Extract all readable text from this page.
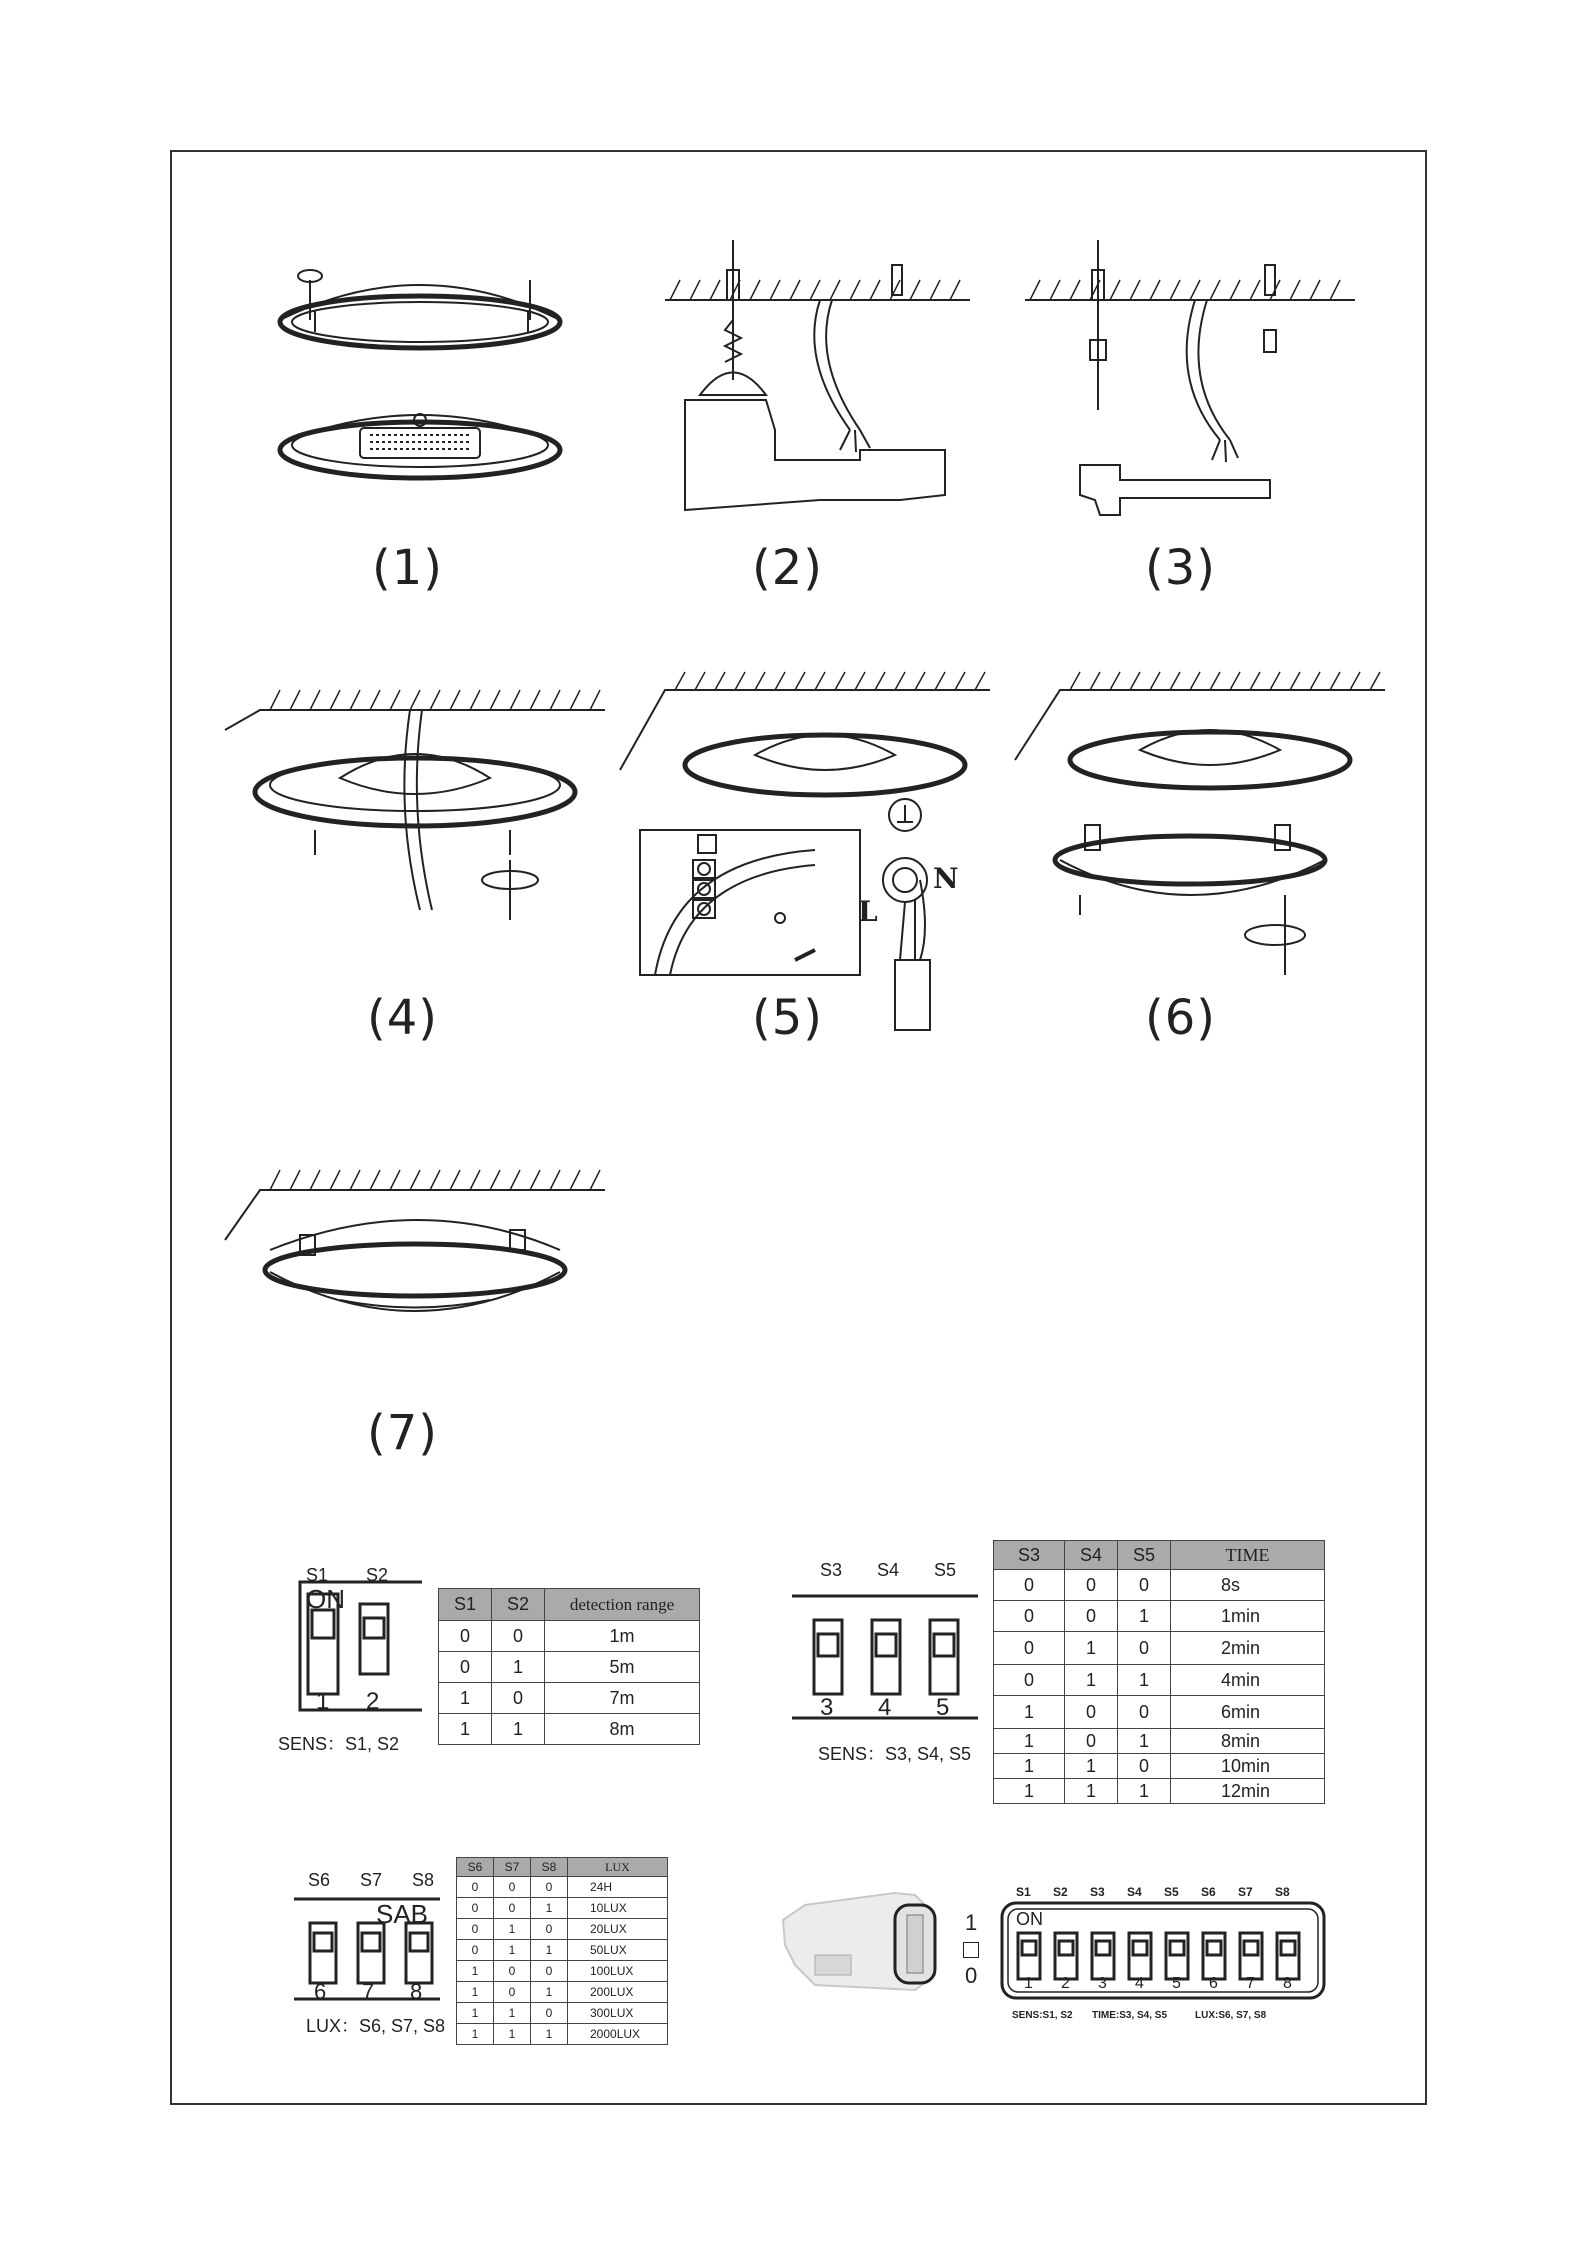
(1)	(2)	(3)
(4)
L
N
(5)	(6)
(7)
ON
1 2
S1 S2
SENS：S1, S2
S1	S2	detection range
0	0	1m
0	1	5m
1	0	7m
1	1	8m
S3 S4 S5
3 4 5
SENS：S3, S4, S5
S3	S4	S5	TIME
0	0	0	8s
0	0	1	1min
0	1	0	2min
0	1	1	4min
1	0	0	6min
1	0	1	8min
1	1	0	10min
1	1	1	12min
S6 S7 S8
SAB
6 7 8
LUX：S6, S7, S8
S6	S7	S8	LUX
0	0	0	24H
0	0	1	10LUX
0	1	0	20LUX
0	1	1	50LUX
1	0	0	100LUX
1	0	1	200LUX
1	1	0	300LUX
1	1	1	2000LUX
1
0
ON
S1 S2 S3 S4 S5 S6 S7 S8
1 2 3 4 5 6 7 8
SENS:S1, S2 TIME:S3, S4, S5	LUX:S6, S7, S8
